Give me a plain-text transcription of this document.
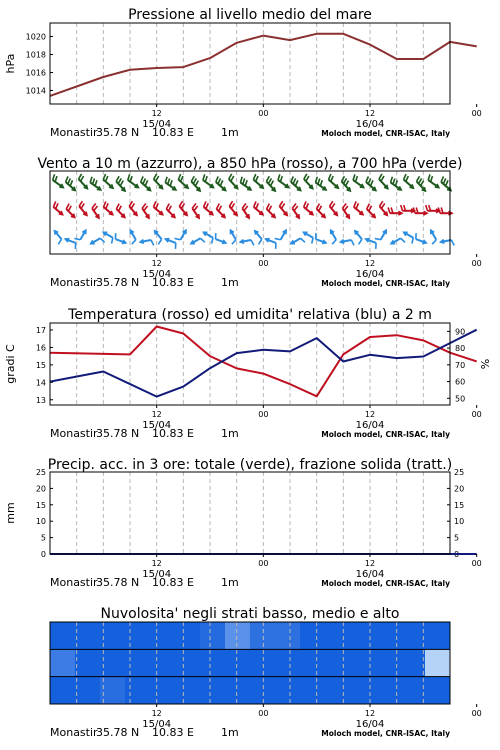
Pressione al livello medio del mare
1014
1016
1018
1020
hPa
12
15/04
00	12
16/04
00
Monastir
35.78 N 10.83 E 1m	Moloch model, CNR-ISAC, Italy
Vento a 10 m (azzurro), a 850 hPa (rosso), a 700 hPa (verde)
12
15/04
00	12
16/04
00
Monastir
35.78 N 10.83 E 1m	Moloch model, CNR-ISAC, Italy
Temperatura (rosso) ed umidita' relativa (blu) a 2 m
13
14
15
16
17
gradi C
50
60
70
80
90
%
12
15/04
00	12
16/04
00
Monastir
35.78 N 10.83 E 1m	Moloch model, CNR-ISAC, Italy
Precip. acc. in 3 ore: totale (verde), frazione solida (tratt.)
0	0
5	5
10	10
15	15
20	20
25	25
mm
12
15/04
00	12
16/04
00
Monastir
35.78 N 10.83 E 1m	Moloch model, CNR-ISAC, Italy
Nuvolosita' negli strati basso, medio e alto
12
15/04
00	12
16/04
00
Monastir
35.78 N 10.83 E 1m	Moloch model, CNR-ISAC, Italy
